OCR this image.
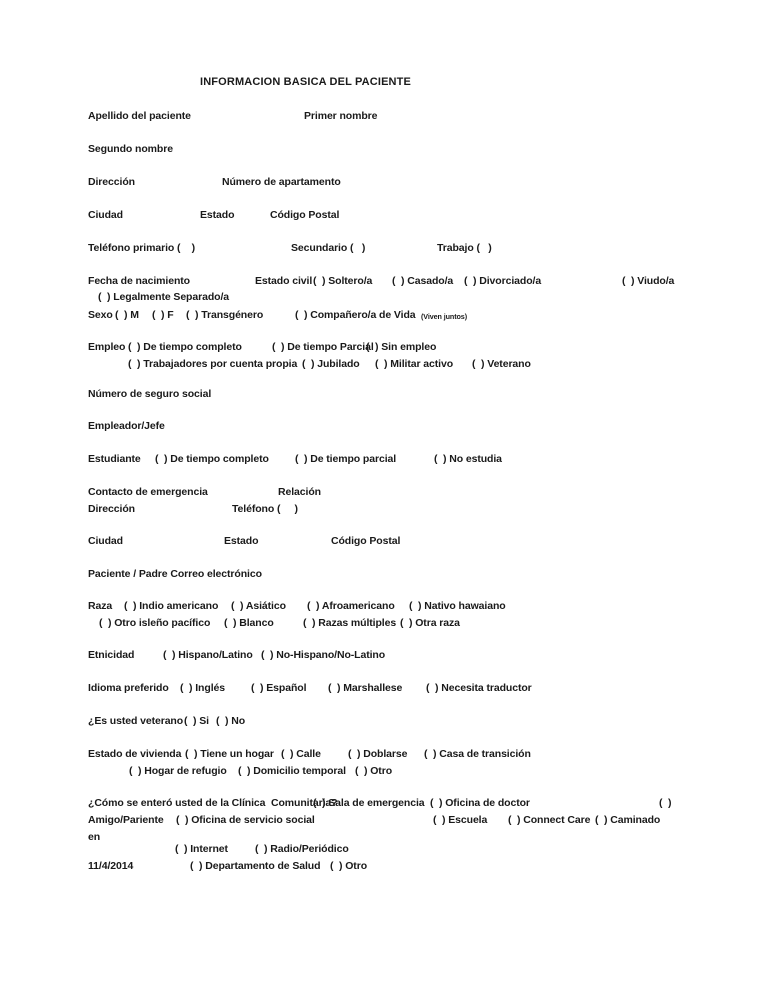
INFORMACION BASICA DEL PACIENTE
Apellido del paciente	Primer nombre
Segundo nombre
Dirección	Número de apartamento
Ciudad	Estado	Código Postal
Teléfono primario (    )	Secundario (   )	Trabajo (   )
Fecha de nacimiento	Estado civil (  ) Soltero/a (  ) Casado/a (  ) Divorciado/a	(  ) Viudo/a
(  ) Legalmente Separado/a
Sexo (  ) M (  ) F (  ) Transgénero	(  ) Compañero/a de Vida (Viven juntos)
Empleo (  ) De tiempo completo	(  ) De tiempo Parcial
(  ) Sin empleo
(  ) Trabajadores por cuenta propia (  ) Jubilado (  ) Militar activo (  ) Veterano
Número de seguro social
Empleador/Jefe
Estudiante (  ) De tiempo completo (  ) De tiempo parcial	(  ) No estudia
Contacto de emergencia	Relación
Dirección	Teléfono (     )
Ciudad	Estado	Código Postal
Paciente / Padre Correo electrónico
Raza (  ) Indio americano (  ) Asiático (  ) Afroamericano (  ) Nativo hawaiano
(  ) Otro isleño pacífico (  ) Blanco	(  ) Razas múltiples (  ) Otra raza
Etnicidad	(  ) Hispano/Latino (  ) No-Hispano/No-Latino
Idioma preferido (  ) Inglés (  ) Español (  ) Marshallese (  ) Necesita traductor
¿Es usted veterano (  ) Si (  ) No
Estado de vivienda (  ) Tiene un hogar (  ) Calle	(  ) Doblarse (  ) Casa de transición
(  ) Hogar de refugio (  ) Domicilio temporal (  ) Otro
¿Cómo se enteró usted de la Clínica  Comunitaria?
(  ) Sala de emergencia (  ) Oficina de doctor	(  )
Amigo/Pariente (  ) Oficina de servicio social	(  ) Escuela (  ) Connect Care (  ) Caminado
en
(  ) Internet	(  ) Radio/Periódico
11/4/2014	(  ) Departamento de Salud (  ) Otro
